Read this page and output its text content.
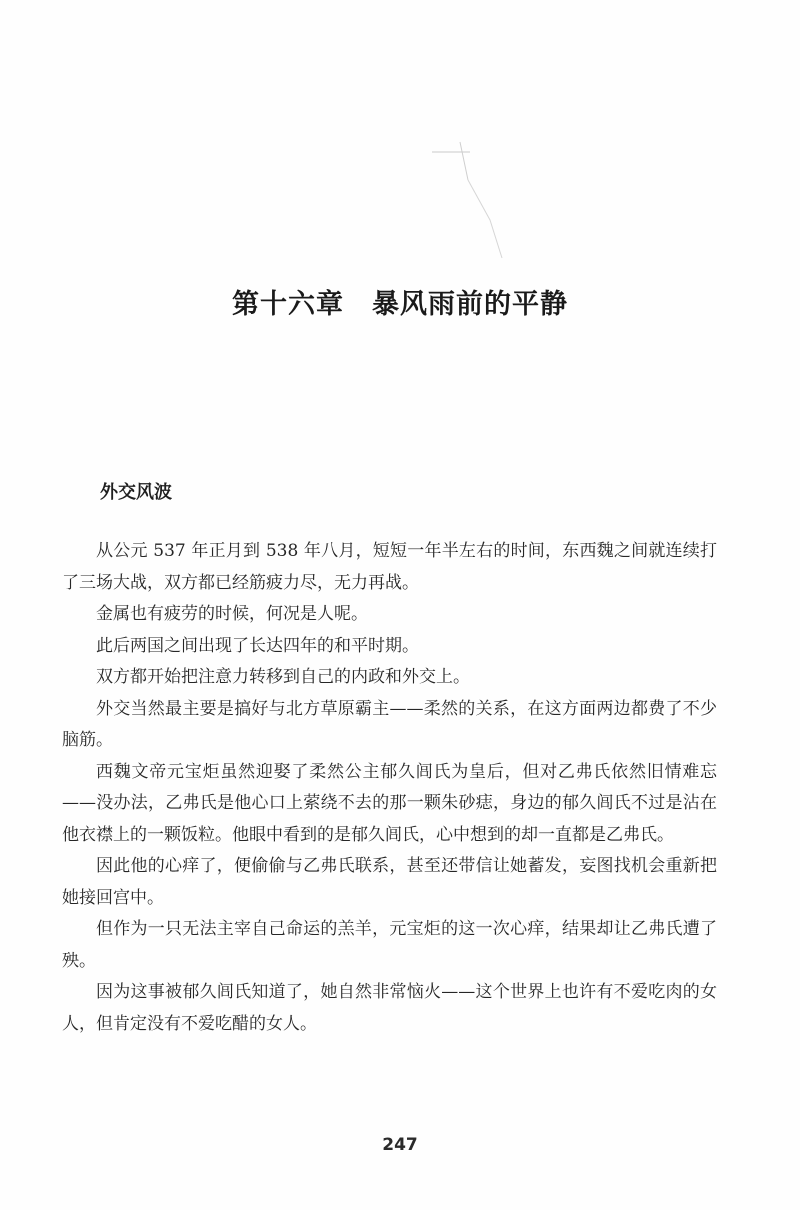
第十六章　暴风雨前的平静
外交风波

从公元 537 年正月到 538 年八月，短短一年半左右的时间，东西魏之间就连续打了三场大战，双方都已经筋疲力尽，无力再战。

金属也有疲劳的时候，何况是人呢。

此后两国之间出现了长达四年的和平时期。

双方都开始把注意力转移到自己的内政和外交上。

外交当然最主要是搞好与北方草原霸主——柔然的关系，在这方面两边都费了不少脑筋。

西魏文帝元宝炬虽然迎娶了柔然公主郁久闾氏为皇后，但对乙弗氏依然旧情难忘——没办法，乙弗氏是他心口上萦绕不去的那一颗朱砂痣，身边的郁久闾氏不过是沾在他衣襟上的一颗饭粒。他眼中看到的是郁久闾氏，心中想到的却一直都是乙弗氏。

因此他的心痒了，便偷偷与乙弗氏联系，甚至还带信让她蓄发，妄图找机会重新把她接回宫中。

但作为一只无法主宰自己命运的羔羊，元宝炬的这一次心痒，结果却让乙弗氏遭了殃。

因为这事被郁久闾氏知道了，她自然非常恼火——这个世界上也许有不爱吃肉的女人，但肯定没有不爱吃醋的女人。

247
